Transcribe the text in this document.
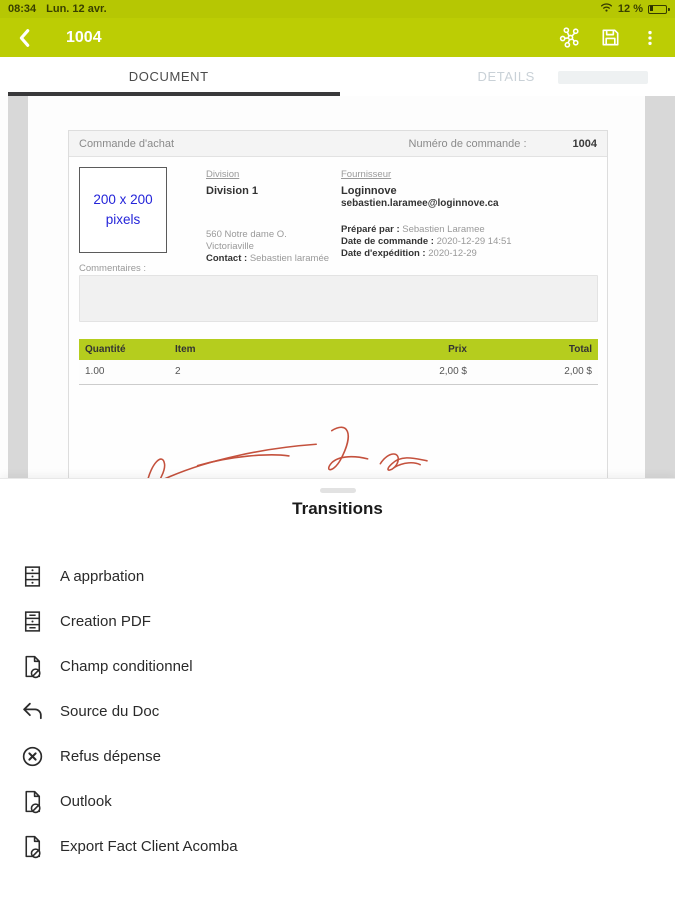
08:34 Lun. 12 avr.	12 %
1004
DOCUMENT	DETAILS
Commande d'achat	Numéro de commande :	1004
200 x 200
pixels
Division
Division 1
560 Notre dame O. Victoriaville
Contact : Sebastien laramée
Fournisseur
Loginnove
sebastien.laramee@loginnove.ca
Préparé par : Sebastien Laramee
Date de commande : 2020-12-29 14:51
Date d'expédition : 2020-12-29
Commentaires :
Quantité	Item	Prix	Total
1.00	2	2,00 $	2,00 $
Transitions
A apprbation
Creation PDF
Champ conditionnel
Source du Doc
Refus dépense
Outlook
Export Fact Client Acomba
